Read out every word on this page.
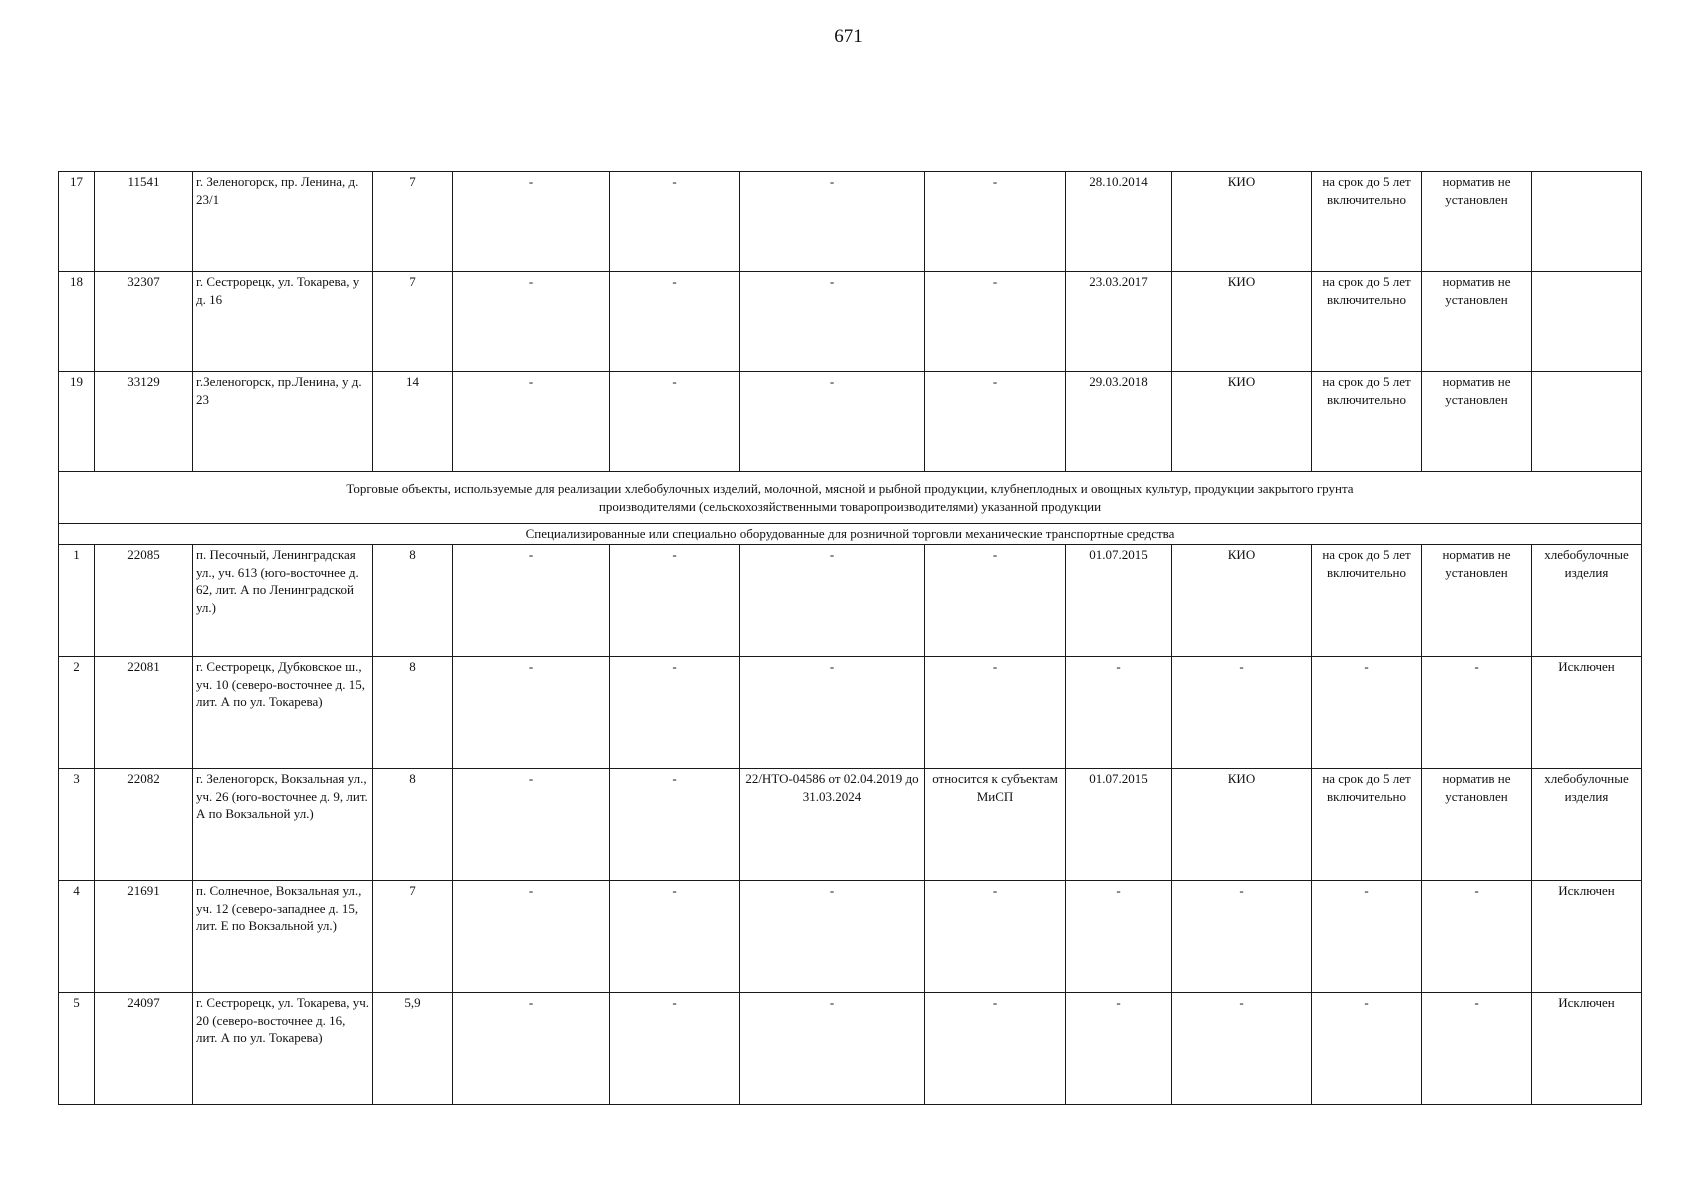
671
17	11541	г. Зеленогорск, пр. Ленина, д. 23/1	7	-	-	-	-	28.10.2014	КИО	на срок до 5 лет включительно	норматив не установлен	
18	32307	г. Сестрорецк, ул. Токарева, у д. 16	7	-	-	-	-	23.03.2017	КИО	на срок до 5 лет включительно	норматив не установлен	
19	33129	г.Зеленогорск, пр.Ленина, у д. 23	14	-	-	-	-	29.03.2018	КИО	на срок до 5 лет включительно	норматив не установлен	
Торговые объекты, используемые для реализации хлебобулочных изделий, молочной, мясной и рыбной продукции, клубнеплодных и овощных культур, продукции закрытого грунта производителями (сельскохозяйственными товаропроизводителями) указанной продукции												
Специализированные или специально оборудованные для розничной торговли механические транспортные средства												
1	22085	п. Песочный, Ленинградская ул., уч. 613 (юго-восточнее д. 62, лит. А по Ленинградской ул.)	8	-	-	-	-	01.07.2015	КИО	на срок до 5 лет включительно	норматив не установлен	хлебобулочные изделия
2	22081	г. Сестрорецк, Дубковское ш., уч. 10 (северо-восточнее д. 15, лит. А по ул. Токарева)	8	-	-	-	-	-	-	-	-	Исключен
3	22082	г. Зеленогорск, Вокзальная ул., уч. 26 (юго-восточнее д. 9, лит. А по Вокзальной ул.)	8	-	-	22/НТО-04586 от 02.04.2019 до 31.03.2024	относится к субъектам МиСП	01.07.2015	КИО	на срок до 5 лет включительно	норматив не установлен	хлебобулочные изделия
4	21691	п. Солнечное, Вокзальная ул., уч. 12 (северо-западнее д. 15, лит. Е по Вокзальной ул.)	7	-	-	-	-	-	-	-	-	Исключен
5	24097	г. Сестрорецк, ул. Токарева, уч. 20 (северо-восточнее д. 16, лит. А по ул. Токарева)	5,9	-	-	-	-	-	-	-	-	Исключен
